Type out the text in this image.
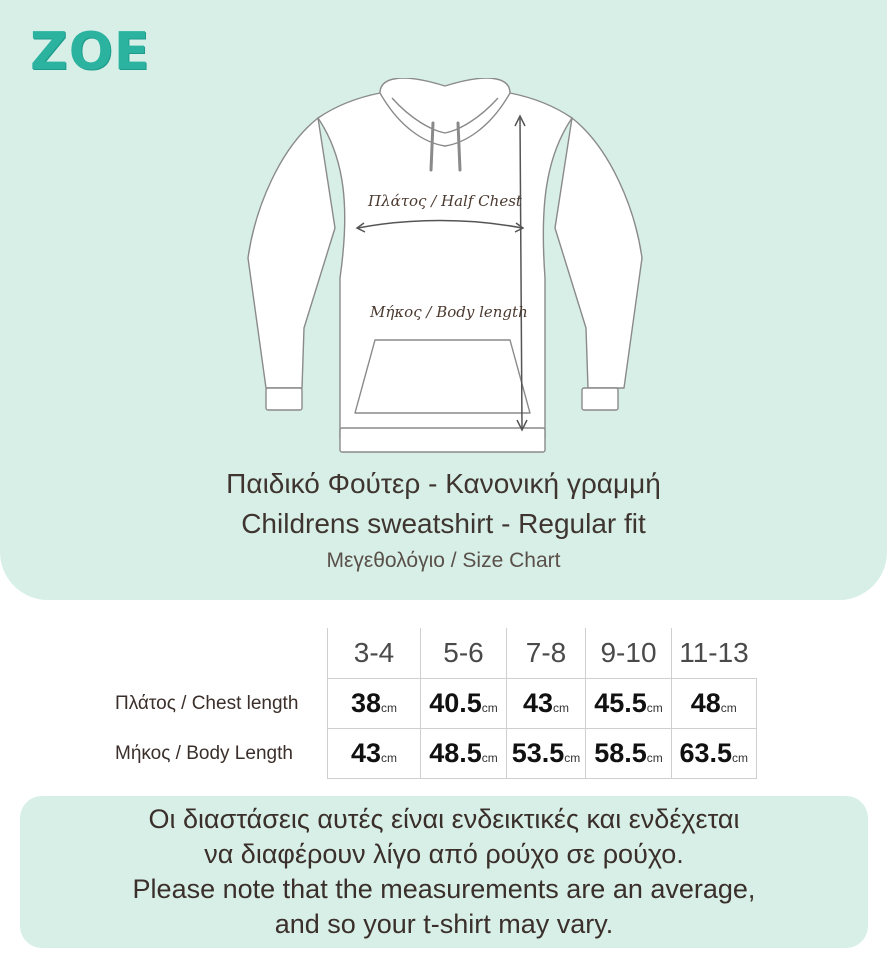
ZOE
Πλάτος / Half Chest
Μήκος / Body length
Παιδικό Φούτερ - Κανονική γραμμή
Childrens sweatshirt - Regular fit
Μεγεθολόγιο / Size Chart
	3-4	5-6	7-8	9-10	11-13
Πλάτος / Chest length	38cm	40.5cm	43cm	45.5cm	48cm
Μήκος / Body Length	43cm	48.5cm	53.5cm	58.5cm	63.5cm
Οι διαστάσεις αυτές είναι ενδεικτικές και ενδέχεται
να διαφέρουν λίγο από ρούχο σε ρούχο.
Please note that the measurements are an average,
and so your t-shirt may vary.
